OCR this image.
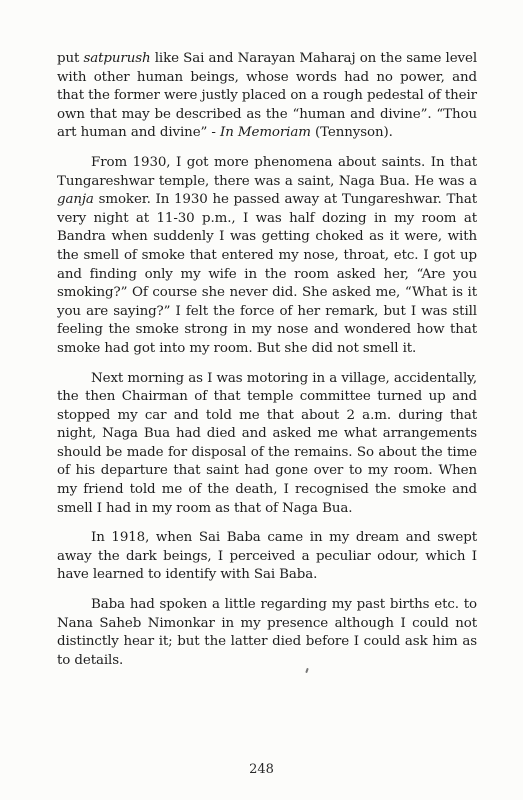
put satpurush like Sai and Narayan Maharaj on the same level with other human beings, whose words had no power, and that the former were justly placed on a rough pedestal of their own that may be described as the “human and divine”. “Thou art human and divine” - In Memoriam (Tennyson).

From 1930, I got more phenomena about saints. In that Tungareshwar temple, there was a saint, Naga Bua. He was a ganja smoker. In 1930 he passed away at Tungareshwar. That very night at 11-30 p.m., I was half dozing in my room at Bandra when suddenly I was getting choked as it were, with the smell of smoke that entered my nose, throat, etc. I got up and finding only my wife in the room asked her, “Are you smoking?” Of course she never did. She asked me, “What is it you are saying?” I felt the force of her remark, but I was still feeling the smoke strong in my nose and wondered how that smoke had got into my room. But she did not smell it.

Next morning as I was motoring in a village, accidentally, the then Chairman of that temple committee turned up and stopped my car and told me that about 2 a.m. during that night, Naga Bua had died and asked me what arrangements should be made for disposal of the remains. So about the time of his departure that saint had gone over to my room. When my friend told me of the death, I recognised the smoke and smell I had in my room as that of Naga Bua.

In 1918, when Sai Baba came in my dream and swept away the dark beings, I perceived a peculiar odour, which I have learned to identify with Sai Baba.

Baba had spoken a little regarding my past births etc. to Nana Saheb Nimonkar in my presence although I could not distinctly hear it; but the latter died before I could ask him as to details.

248
